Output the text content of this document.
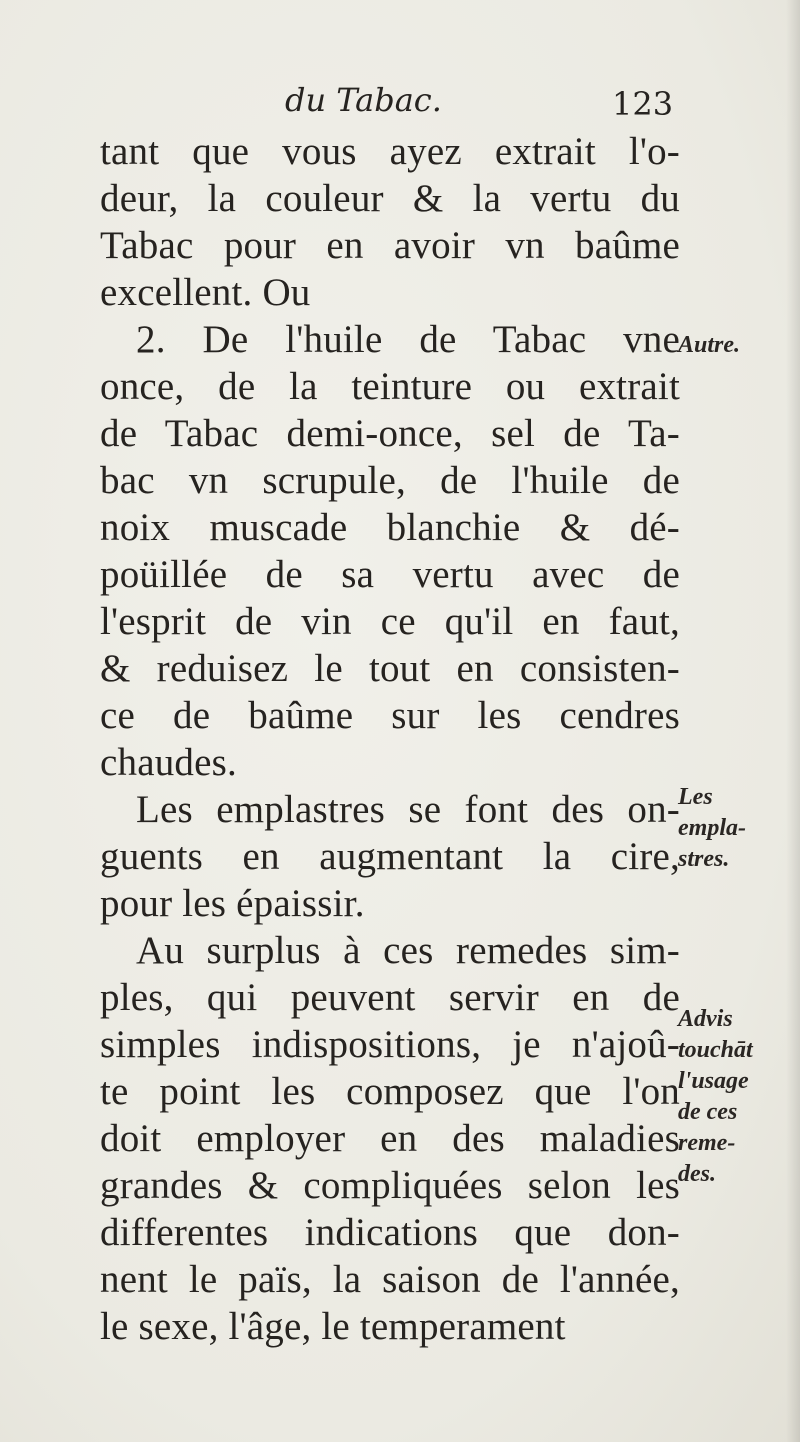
du Tabac.	123
tant que vous ayez extrait l'o-
deur, la couleur & la vertu du
Tabac pour en avoir vn baûme
excellent. Ou
2. De l'huile de Tabac vne
once, de la teinture ou extrait
de Tabac demi-once, sel de Ta-
bac vn scrupule, de l'huile de
noix muscade blanchie & dé-
poüillée de sa vertu avec de
l'esprit de vin ce qu'il en faut,
& reduisez le tout en consisten-
ce de baûme sur les cendres
chaudes.
Les emplastres se font des on-
guents en augmentant la cire,
pour les épaissir.
Au surplus à ces remedes sim-
ples, qui peuvent servir en de
simples indispositions, je n'ajoû-
te point les composez que l'on
doit employer en des maladies
grandes & compliquées selon les
differentes indications que don-
nent le païs, la saison de l'année,
le sexe, l'âge, le temperament
Autre.
Les
empla-
stres.
Advis
touchāt
l'usage
de ces
reme-
des.
